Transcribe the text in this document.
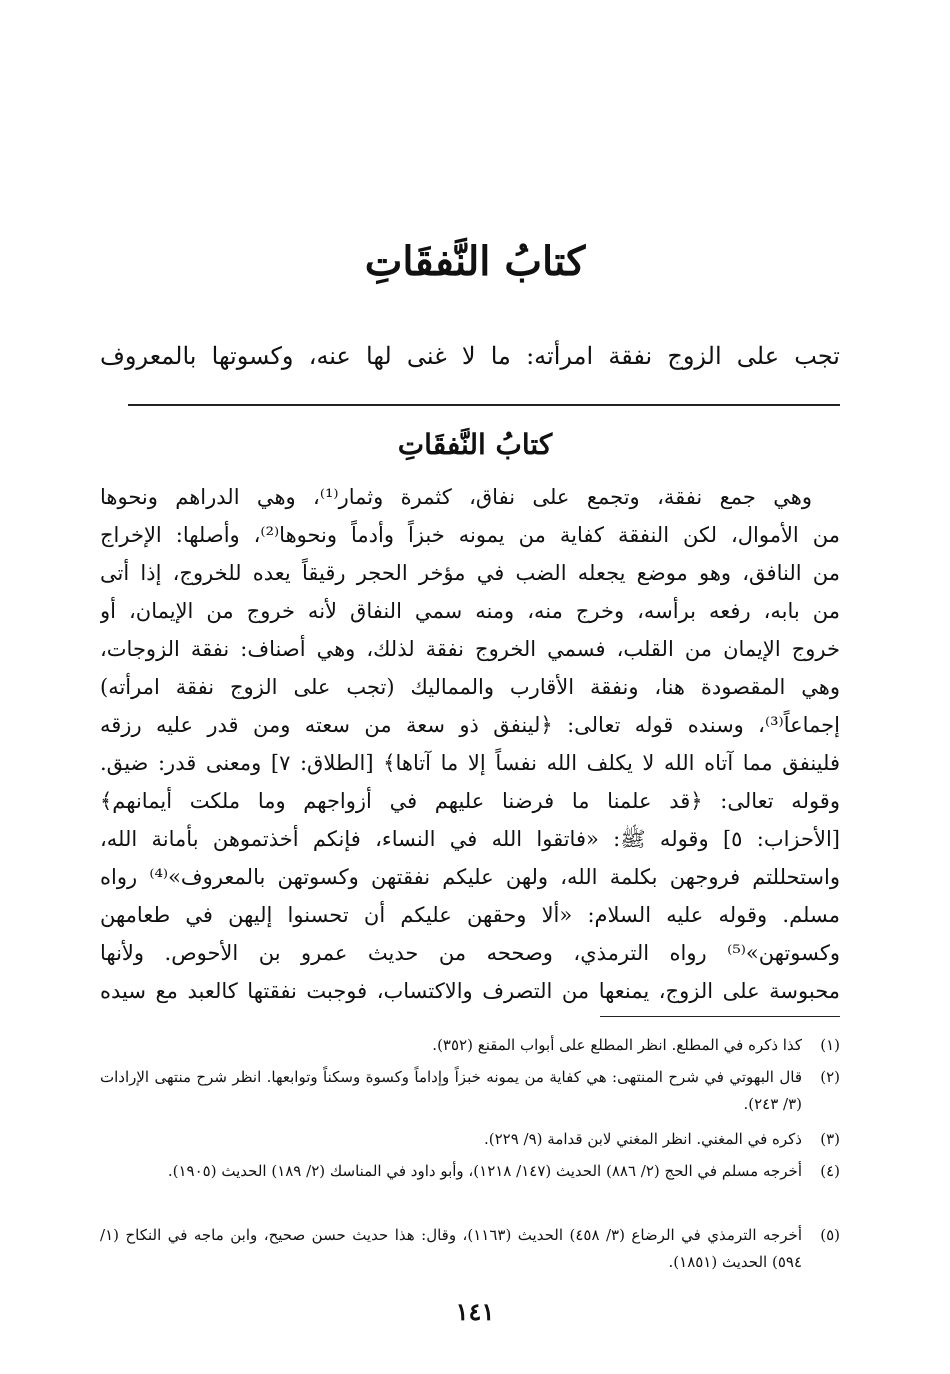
كتابُ النَّفقَاتِ

تجب على الزوج نفقة امرأته: ما لا غنى لها عنه، وكسوتها بالمعروف

كتابُ النَّفقَاتِ
وهي جمع نفقة، وتجمع على نفاق، كثمرة وثمار⁽¹⁾، وهي الدراهم ونحوها
من الأموال، لكن النفقة كفاية من يمونه خبزاً وأدماً ونحوها⁽²⁾، وأصلها: الإخراج
من النافق، وهو موضع يجعله الضب في مؤخر الحجر رقيقاً يعده للخروج، إذا أتى
من بابه، رفعه برأسه، وخرج منه، ومنه سمي النفاق لأنه خروج من الإيمان، أو
خروج الإيمان من القلب، فسمي الخروج نفقة لذلك، وهي أصناف: نفقة الزوجات،
وهي المقصودة هنا، ونفقة الأقارب والمماليك (تجب على الزوج نفقة امرأته)
إجماعاً⁽³⁾، وسنده قوله تعالى: ﴿لينفق ذو سعة من سعته ومن قدر عليه رزقه
فلينفق مما آتاه الله لا يكلف الله نفساً إلا ما آتاها﴾ [الطلاق: ٧] ومعنى قدر: ضيق.
وقوله تعالى: ﴿قد علمنا ما فرضنا عليهم في أزواجهم وما ملكت أيمانهم﴾
[الأحزاب: ٥] وقوله ﷺ: «فاتقوا الله في النساء، فإنكم أخذتموهن بأمانة الله،
واستحللتم فروجهن بكلمة الله، ولهن عليكم نفقتهن وكسوتهن بالمعروف»⁽⁴⁾ رواه
مسلم. وقوله عليه السلام: «ألا وحقهن عليكم أن تحسنوا إليهن في طعامهن
وكسوتهن»⁽⁵⁾ رواه الترمذي، وصححه من حديث عمرو بن الأحوص. ولأنها
محبوسة على الزوج، يمنعها من التصرف والاكتساب، فوجبت نفقتها كالعبد مع سيده
(١)
كذا ذكره في المطلع. انظر المطلع على أبواب المقنع (٣٥٢).
(٢)
قال البهوتي في شرح المنتهى: هي كفاية من يمونه خبزاً وإداماً وكسوة وسكناً وتوابعها. انظر شرح منتهى الإرادات (٣/ ٢٤٣).
(٣)
ذكره في المغني. انظر المغني لابن قدامة (٩/ ٢٢٩).
(٤)
أخرجه مسلم في الحج (٢/ ٨٨٦) الحديث (١٤٧/ ١٢١٨)، وأبو داود في المناسك (٢/ ١٨٩) الحديث (١٩٠٥).
(٥)
أخرجه الترمذي في الرضاع (٣/ ٤٥٨) الحديث (١١٦٣)، وقال: هذا حديث حسن صحيح، وابن ماجه في النكاح (١/ ٥٩٤) الحديث (١٨٥١).
١٤١
